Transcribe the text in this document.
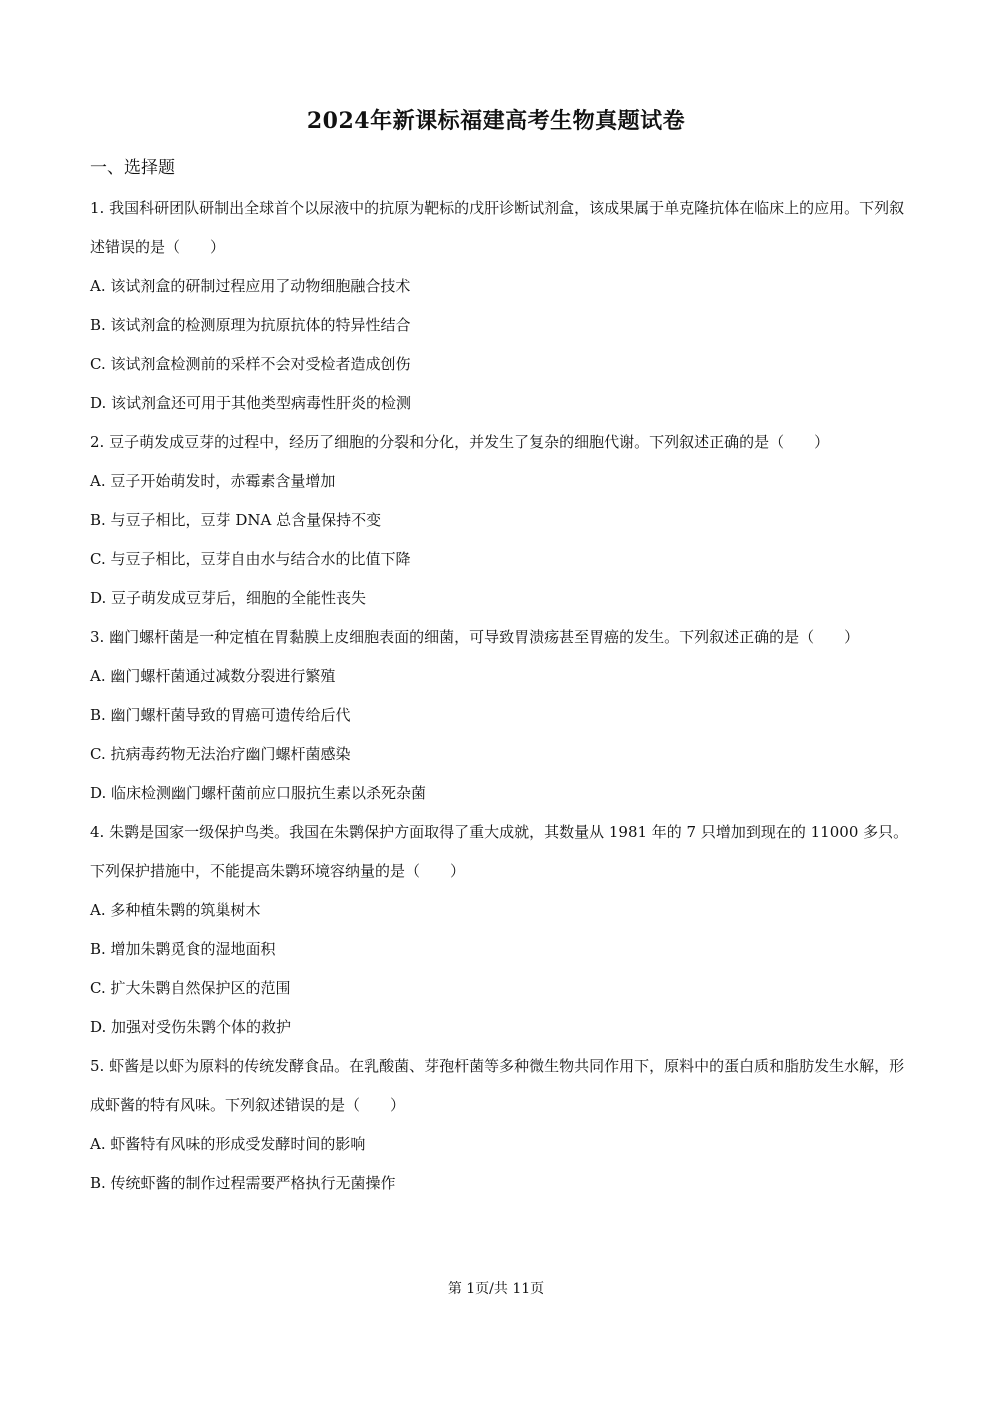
2024年新课标福建高考生物真题试卷
一、选择题

1. 我国科研团队研制出全球首个以尿液中的抗原为靶标的戊肝诊断试剂盒，该成果属于单克隆抗体在临床上的应用。下列叙述错误的是（　　）

A. 该试剂盒的研制过程应用了动物细胞融合技术

B. 该试剂盒的检测原理为抗原抗体的特异性结合

C. 该试剂盒检测前的采样不会对受检者造成创伤

D. 该试剂盒还可用于其他类型病毒性肝炎的检测

2. 豆子萌发成豆芽的过程中，经历了细胞的分裂和分化，并发生了复杂的细胞代谢。下列叙述正确的是（　　）

A. 豆子开始萌发时，赤霉素含量增加

B. 与豆子相比，豆芽 DNA 总含量保持不变

C. 与豆子相比，豆芽自由水与结合水的比值下降

D. 豆子萌发成豆芽后，细胞的全能性丧失

3. 幽门螺杆菌是一种定植在胃黏膜上皮细胞表面的细菌，可导致胃溃疡甚至胃癌的发生。下列叙述正确的是（　　）

A. 幽门螺杆菌通过减数分裂进行繁殖

B. 幽门螺杆菌导致的胃癌可遗传给后代

C. 抗病毒药物无法治疗幽门螺杆菌感染

D. 临床检测幽门螺杆菌前应口服抗生素以杀死杂菌

4. 朱鹮是国家一级保护鸟类。我国在朱鹮保护方面取得了重大成就，其数量从 1981 年的 7 只增加到现在的 11000 多只。下列保护措施中，不能提高朱鹮环境容纳量的是（　　）

A. 多种植朱鹮的筑巢树木

B. 增加朱鹮觅食的湿地面积

C. 扩大朱鹮自然保护区的范围

D. 加强对受伤朱鹮个体的救护

5. 虾酱是以虾为原料的传统发酵食品。在乳酸菌、芽孢杆菌等多种微生物共同作用下，原料中的蛋白质和脂肪发生水解，形成虾酱的特有风味。下列叙述错误的是（　　）

A. 虾酱特有风味的形成受发酵时间的影响

B. 传统虾酱的制作过程需要严格执行无菌操作

第 1页/共 11页
